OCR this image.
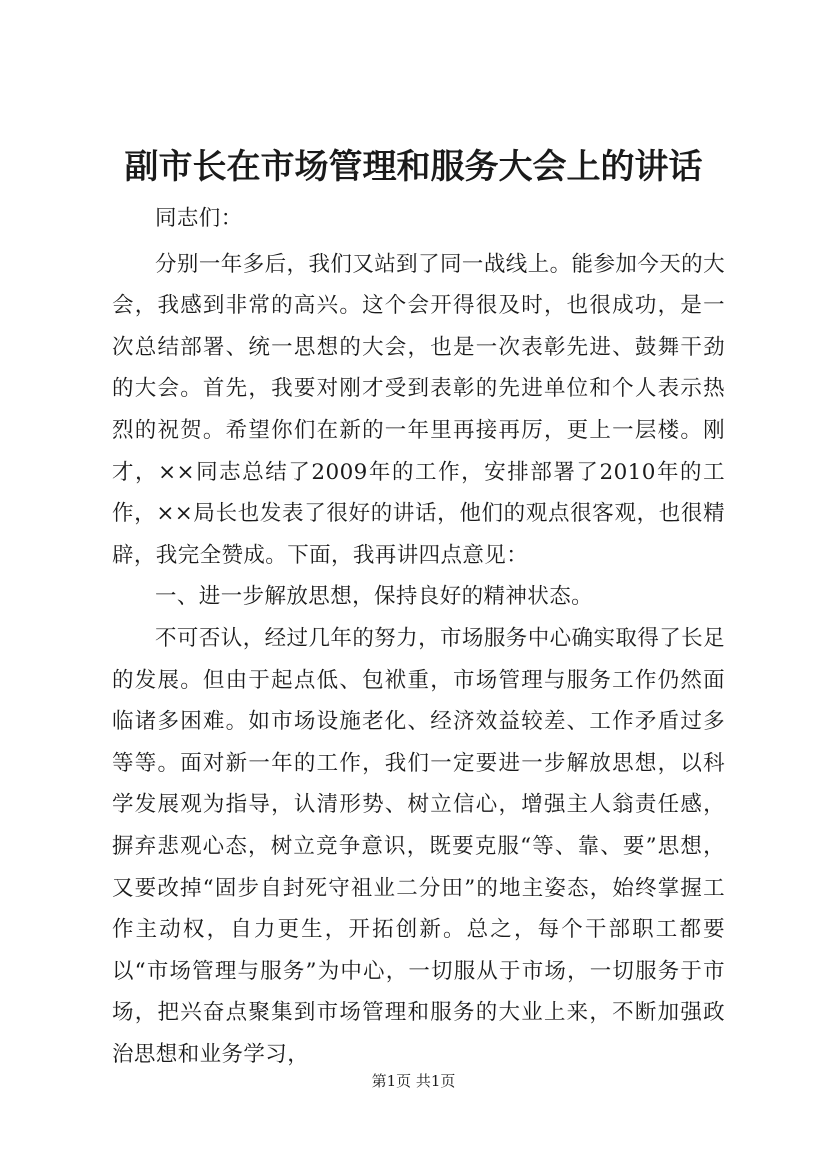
副市长在市场管理和服务大会上的讲话

同志们：

分别一年多后，我们又站到了同一战线上。能参加今天的大会，我感到非常的高兴。这个会开得很及时，也很成功，是一次总结部署、统一思想的大会，也是一次表彰先进、鼓舞干劲的大会。首先，我要对刚才受到表彰的先进单位和个人表示热烈的祝贺。希望你们在新的一年里再接再厉，更上一层楼。刚才，××同志总结了2009年的工作，安排部署了2010年的工作，××局长也发表了很好的讲话，他们的观点很客观，也很精辟，我完全赞成。下面，我再讲四点意见：

一、进一步解放思想，保持良好的精神状态。

不可否认，经过几年的努力，市场服务中心确实取得了长足的发展。但由于起点低、包袱重，市场管理与服务工作仍然面临诸多困难。如市场设施老化、经济效益较差、工作矛盾过多等等。面对新一年的工作，我们一定要进一步解放思想，以科学发展观为指导，认清形势、树立信心，增强主人翁责任感，摒弃悲观心态，树立竞争意识，既要克服“等、靠、要”思想，又要改掉“固步自封死守祖业二分田”的地主姿态，始终掌握工作主动权，自力更生，开拓创新。总之，每个干部职工都要以“市场管理与服务”为中心，一切服从于市场，一切服务于市场，把兴奋点聚集到市场管理和服务的大业上来，不断加强政治思想和业务学习，

第1页 共1页
